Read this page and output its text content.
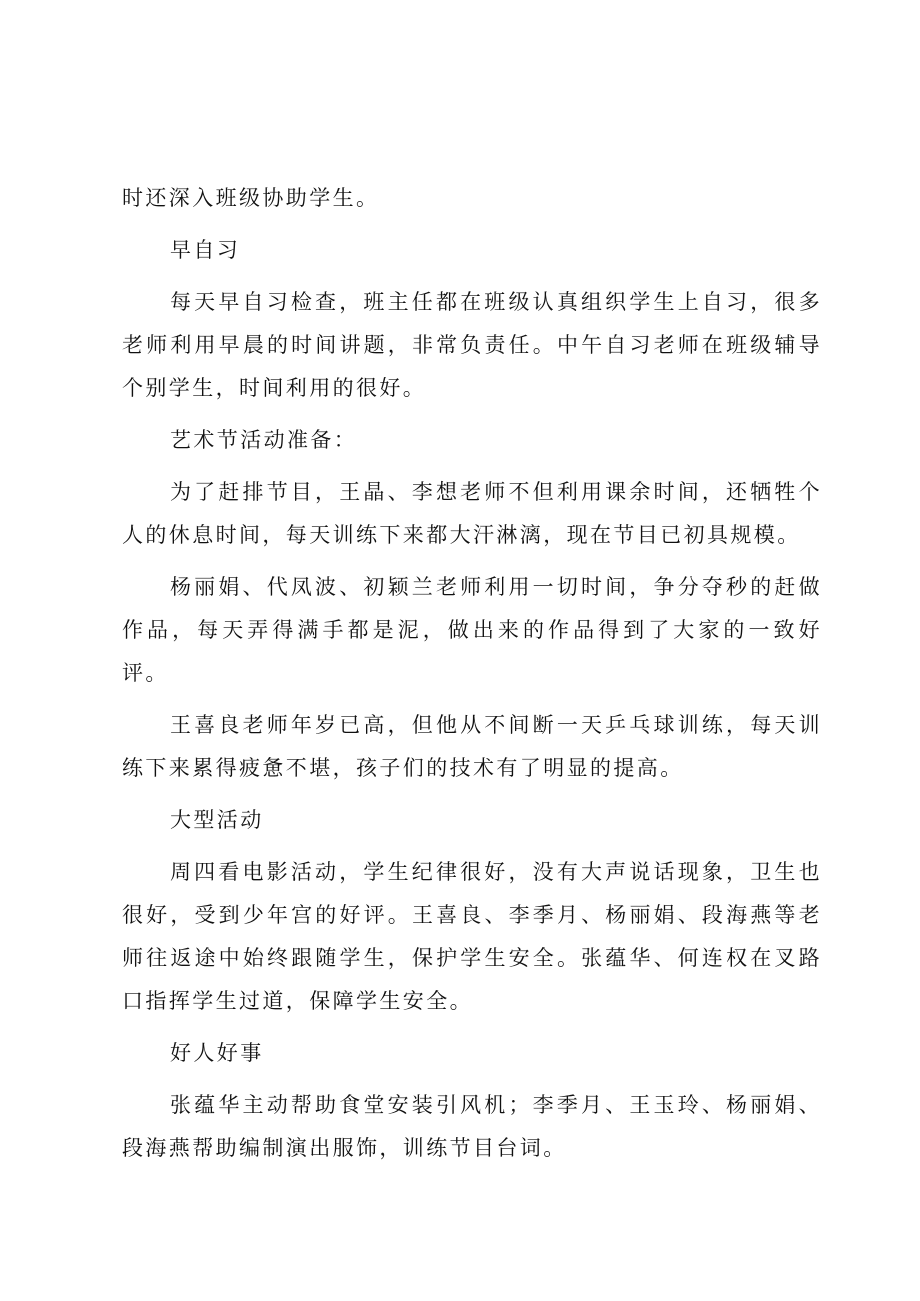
时还深入班级协助学生。

早自习

每天早自习检查，班主任都在班级认真组织学生上自习，很多老师利用早晨的时间讲题，非常负责任。中午自习老师在班级辅导个别学生，时间利用的很好。

艺术节活动准备：

为了赶排节目，王晶、李想老师不但利用课余时间，还牺牲个人的休息时间，每天训练下来都大汗淋漓，现在节目已初具规模。

杨丽娟、代凤波、初颖兰老师利用一切时间，争分夺秒的赶做作品，每天弄得满手都是泥，做出来的作品得到了大家的一致好评。

王喜良老师年岁已高，但他从不间断一天乒乓球训练，每天训练下来累得疲惫不堪，孩子们的技术有了明显的提高。

大型活动

周四看电影活动，学生纪律很好，没有大声说话现象，卫生也很好，受到少年宫的好评。王喜良、李季月、杨丽娟、段海燕等老师往返途中始终跟随学生，保护学生安全。张蕴华、何连权在叉路口指挥学生过道，保障学生安全。

好人好事

张蕴华主动帮助食堂安装引风机；李季月、王玉玲、杨丽娟、段海燕帮助编制演出服饰，训练节目台词。
